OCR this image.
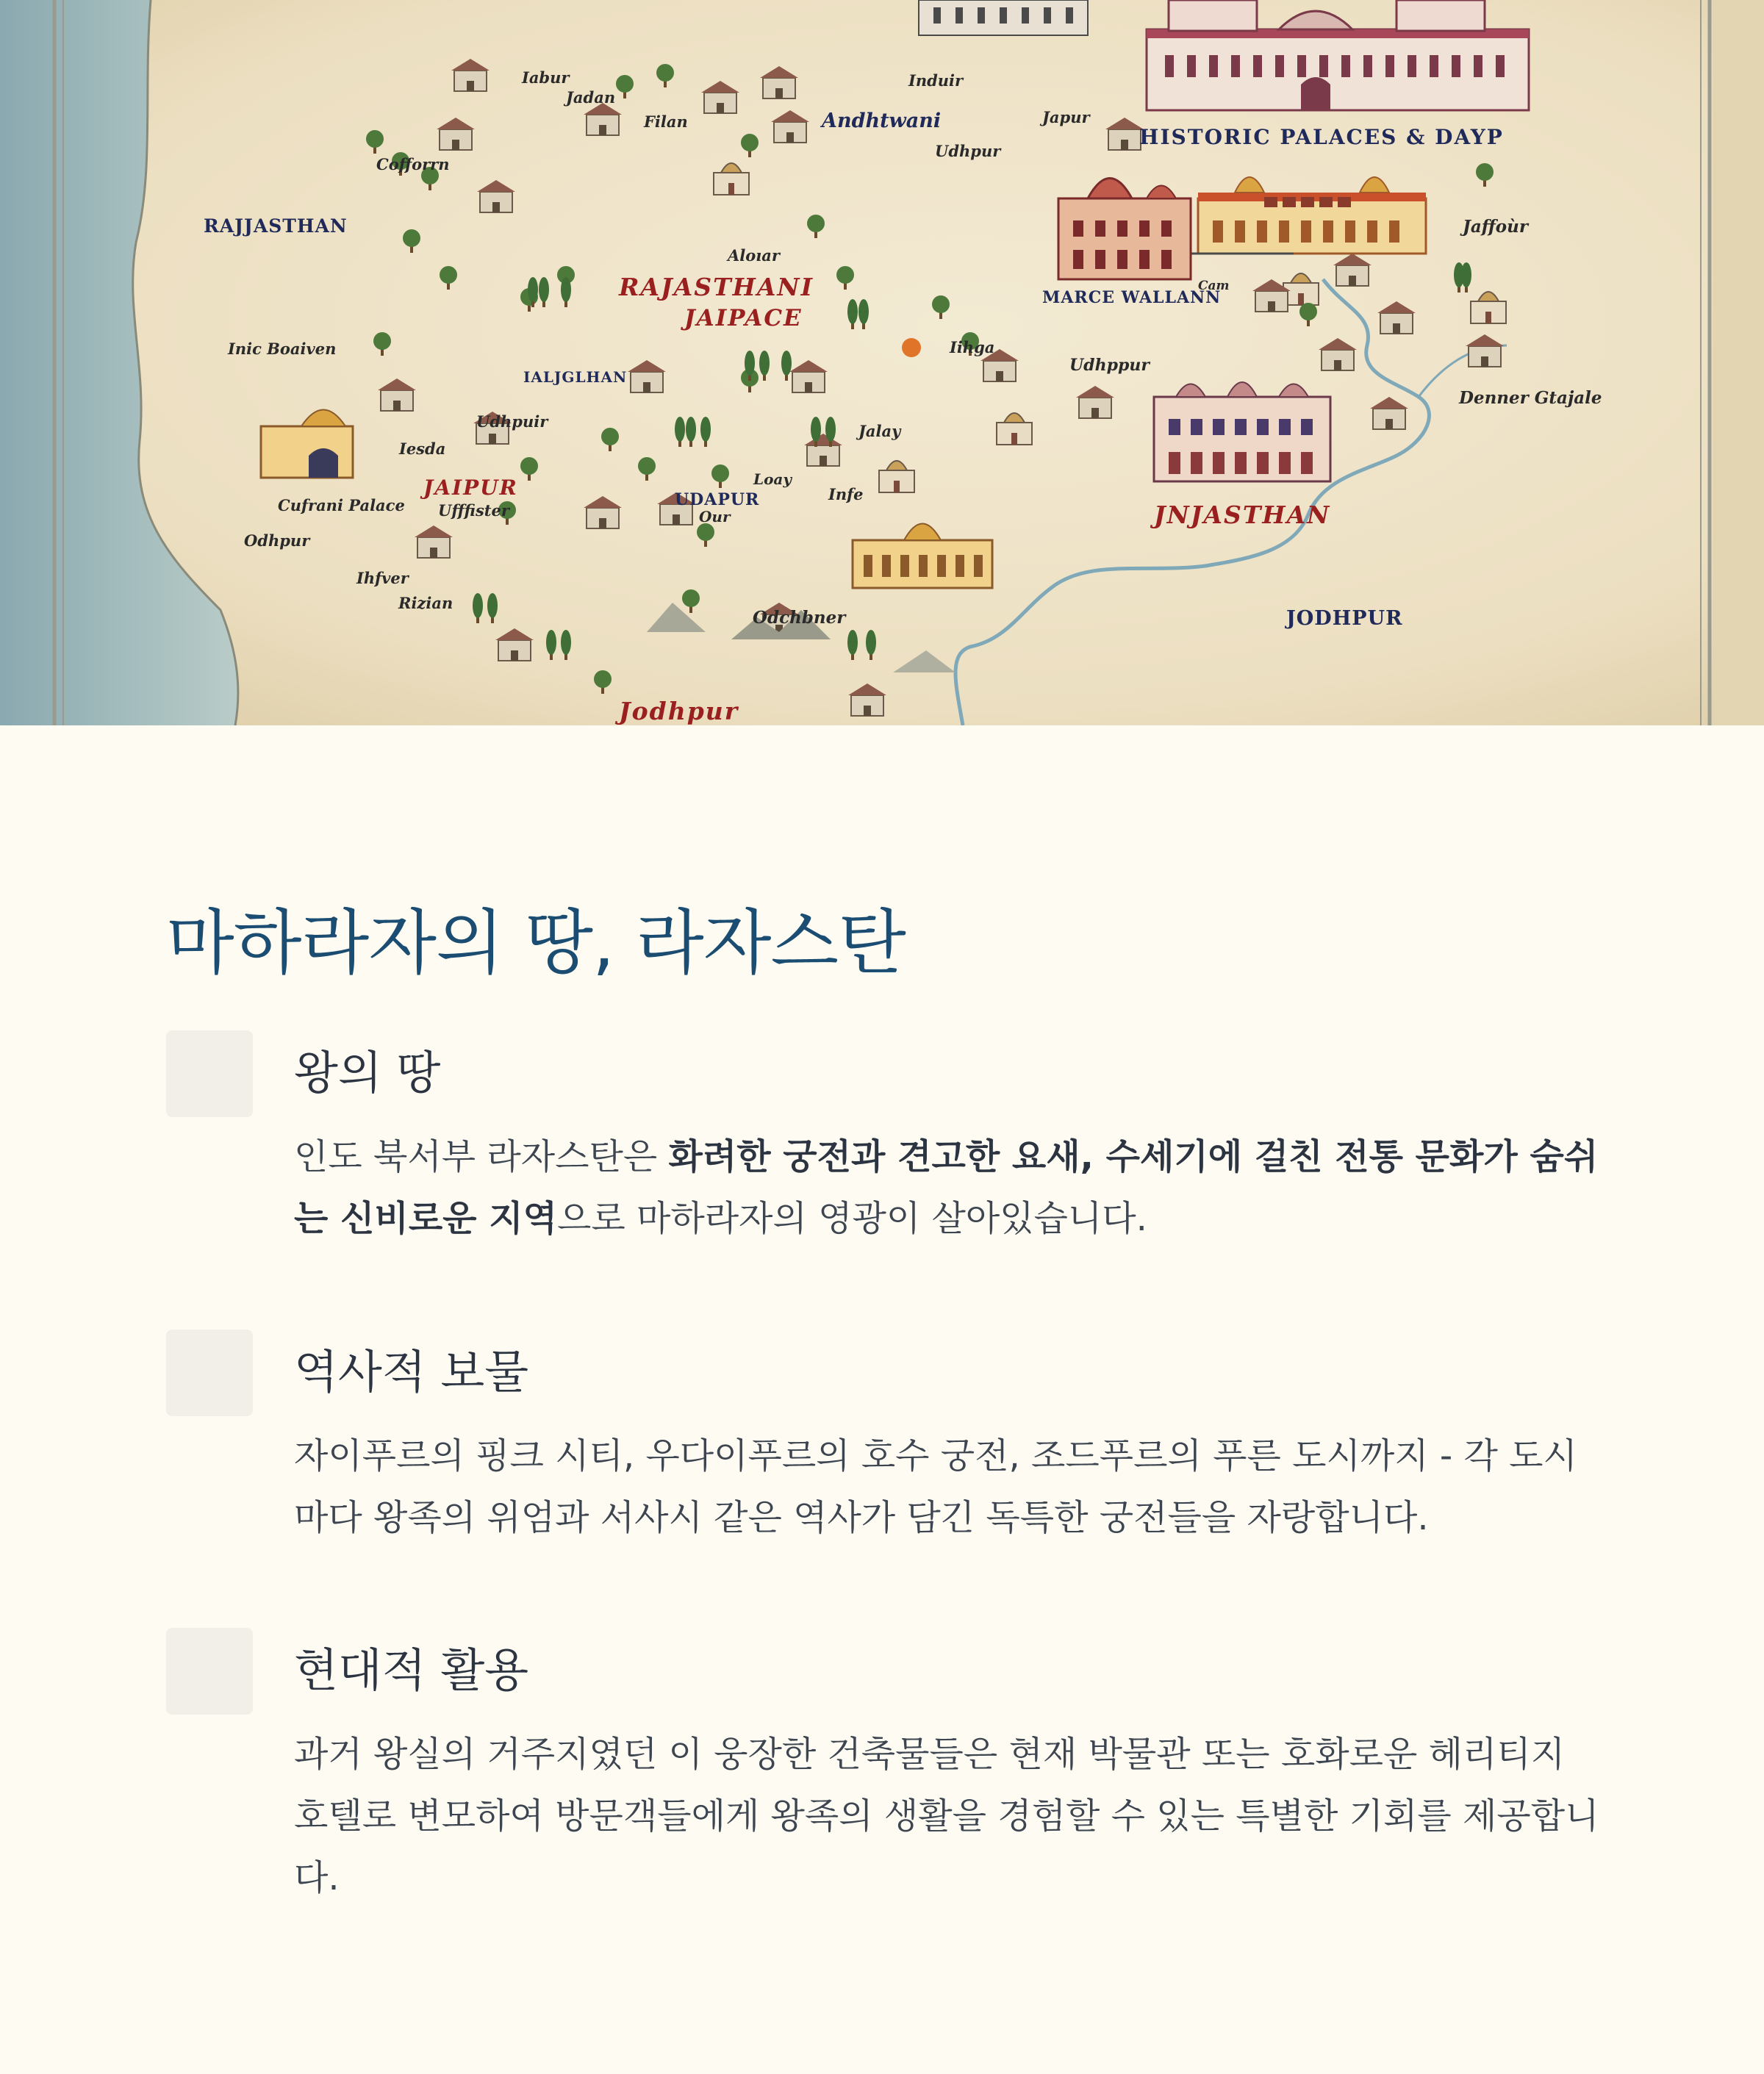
Iabur
Jadan
Filan	Andhtwani
Induir
Japur
HISTORIC PALACES & DAYP
Cofforrn
Udhpur
RAJJASTHAN
Aloıar
RAJASTHANI
JAIPACE
Jaffoùr
Cam
MARCE WALLANN
Inic Boaiven	Iihga
Udhppur
IALJGLHAN
Denner Gtajale
Udhpuir
Jalay
Iesda
JAIPUR
Ufffister
Loay
Infe
UDAPUR
Our
Cufrani Palace
Odhpur
JNJASTHAN
Ihfver
Rizian
Odchbner	JODHPUR
Jodhpur
마하라자의 땅, 라자스탄
왕의 땅

인도 북서부 라자스탄은 화려한 궁전과 견고한 요새, 수세기에 걸친 전통 문화가 숨쉬는 신비로운 지역으로 마하라자의 영광이 살아있습니다.

역사적 보물

자이푸르의 핑크 시티, 우다이푸르의 호수 궁전, 조드푸르의 푸른 도시까지 - 각 도시마다 왕족의 위엄과 서사시 같은 역사가 담긴 독특한 궁전들을 자랑합니다.

현대적 활용

과거 왕실의 거주지였던 이 웅장한 건축물들은 현재 박물관 또는 호화로운 헤리티지 호텔로 변모하여 방문객들에게 왕족의 생활을 경험할 수 있는 특별한 기회를 제공합니다.
